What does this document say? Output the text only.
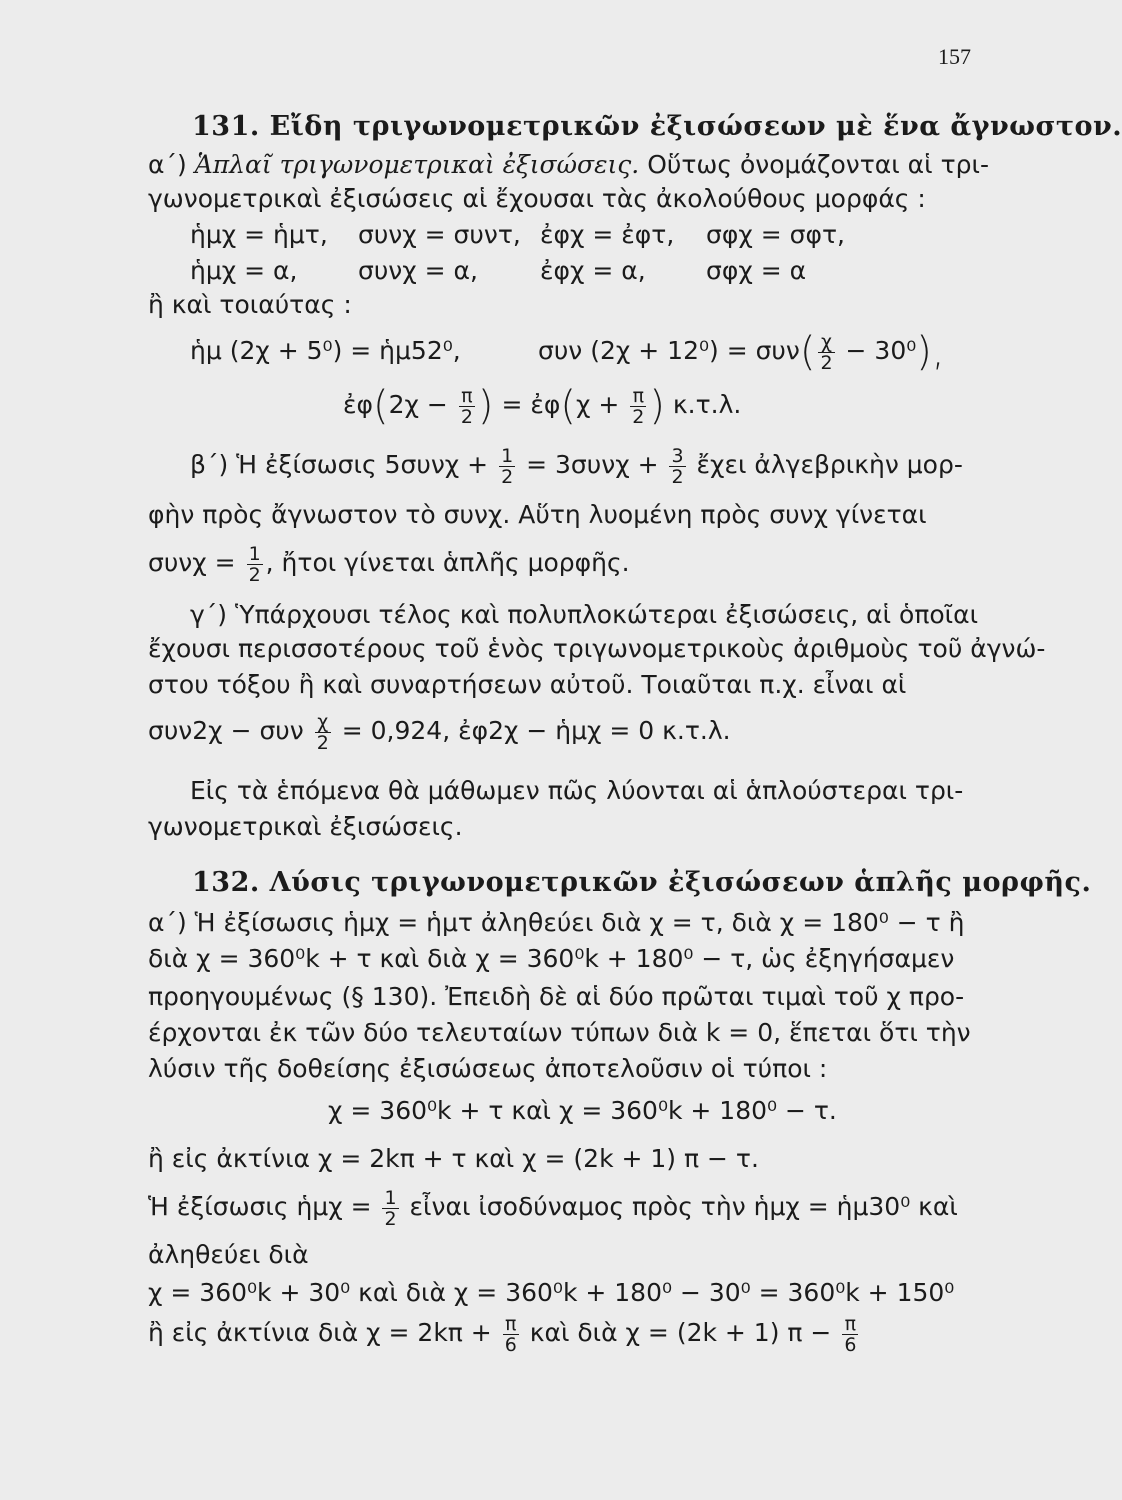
157
131. Εἴδη τριγωνομετρικῶν ἐξισώσεων μὲ ἕνα ἄγνωστον.
α΄) Ἁπλαῖ τριγωνομετρικαὶ ἐξισώσεις. Οὕτως ὀνομάζονται αἱ τρι-
γωνομετρικαὶ ἐξισώσεις αἱ ἔχουσαι τὰς ἀκολούθους μορφάς :
ἡμχ = ἡμτ, συνχ = συντ, ἐφχ = ἐφτ, σφχ = σφτ,
ἡμχ = α, συνχ = α, ἐφχ = α, σφχ = α
ἢ καὶ τοιαύτας :
ἡμ (2χ + 5⁰) = ἡμ52⁰,	συν $(2\chi + 12^0) = \sigma\upsilon\nu( \frac{\chi}{2} - 30^0)$,
ἐφ(2χ − $\frac{\pi}{2}$ ) = ἐφ(χ + $\frac{\pi}{2}$ ) κ.τ.λ.
β΄) Ἡ ἐξίσωσις $5\sigma\upsilon\nu\chi + \frac{1}{2} = 3\sigma\upsilon\nu\chi + \frac{3}{2}$ ἔχει ἀλγεβρικὴν μορ-
φὴν πρὸς ἄγνωστον τὸ συνχ. Αὕτη λυομένη πρὸς συνχ γίνεται
$\sigma\upsilon\nu\chi = \frac{1}{2}$ , ἤτοι γίνεται ἁπλῆς μορφῆς.
γ΄) Ὑπάρχουσι τέλος καὶ πολυπλοκώτεραι ἐξισώσεις, αἱ ὁποῖαι
ἔχουσι περισσοτέρους τοῦ ἑνὸς τριγωνομετρικοὺς ἀριθμοὺς τοῦ ἀγνώ-
στου τόξου ἢ καὶ συναρτήσεων αὐτοῦ. Τοιαῦται π.χ. εἶναι αἱ
συν2χ − συν $\frac{\chi}{2} = 0,924$, ἐφ2χ − ἡμχ = 0 κ.τ.λ.
Εἰς τὰ ἑπόμενα θὰ μάθωμεν πῶς λύονται αἱ ἁπλούστεραι τρι-
γωνομετρικαὶ ἐξισώσεις.
132. Λύσις τριγωνομετρικῶν ἐξισώσεων ἁπλῆς μορφῆς.
α΄) Ἡ ἐξίσωσις ἡμχ = ἡμτ ἀληθεύει διὰ χ = τ, διὰ χ = 180⁰ − τ ἢ
διὰ χ = 360⁰k + τ καὶ διὰ χ = 360⁰k + 180⁰ − τ, ὡς ἐξηγήσαμεν
προηγουμένως (§ 130). Ἐπειδὴ δὲ αἱ δύο πρῶται τιμαὶ τοῦ χ προ-
έρχονται ἐκ τῶν δύο τελευταίων τύπων διὰ k = 0, ἕπεται ὅτι τὴν
λύσιν τῆς δοθείσης ἐξισώσεως ἀποτελοῦσιν οἱ τύποι :
χ = 360⁰k + τ καὶ χ = 360⁰k + 180⁰ − τ.
ἢ εἰς ἀκτίνια χ = 2kπ + τ καὶ χ = (2k + 1) π − τ.
Ἡ ἐξίσωσις ἡμχ = $\frac{1}{2}$ εἶναι ἰσοδύναμος πρὸς τὴν ἡμχ = ἡμ30⁰ καὶ
ἀληθεύει διὰ
χ = 360⁰k + 30⁰ καὶ διὰ χ = 360⁰k + 180⁰ − 30⁰ = 360⁰k + 150⁰
ἢ εἰς ἀκτίνια διὰ $\chi = 2k\pi + \frac{\pi}{6}$ καὶ διὰ χ = (2k + 1) $\pi - \frac{\pi}{6}$
